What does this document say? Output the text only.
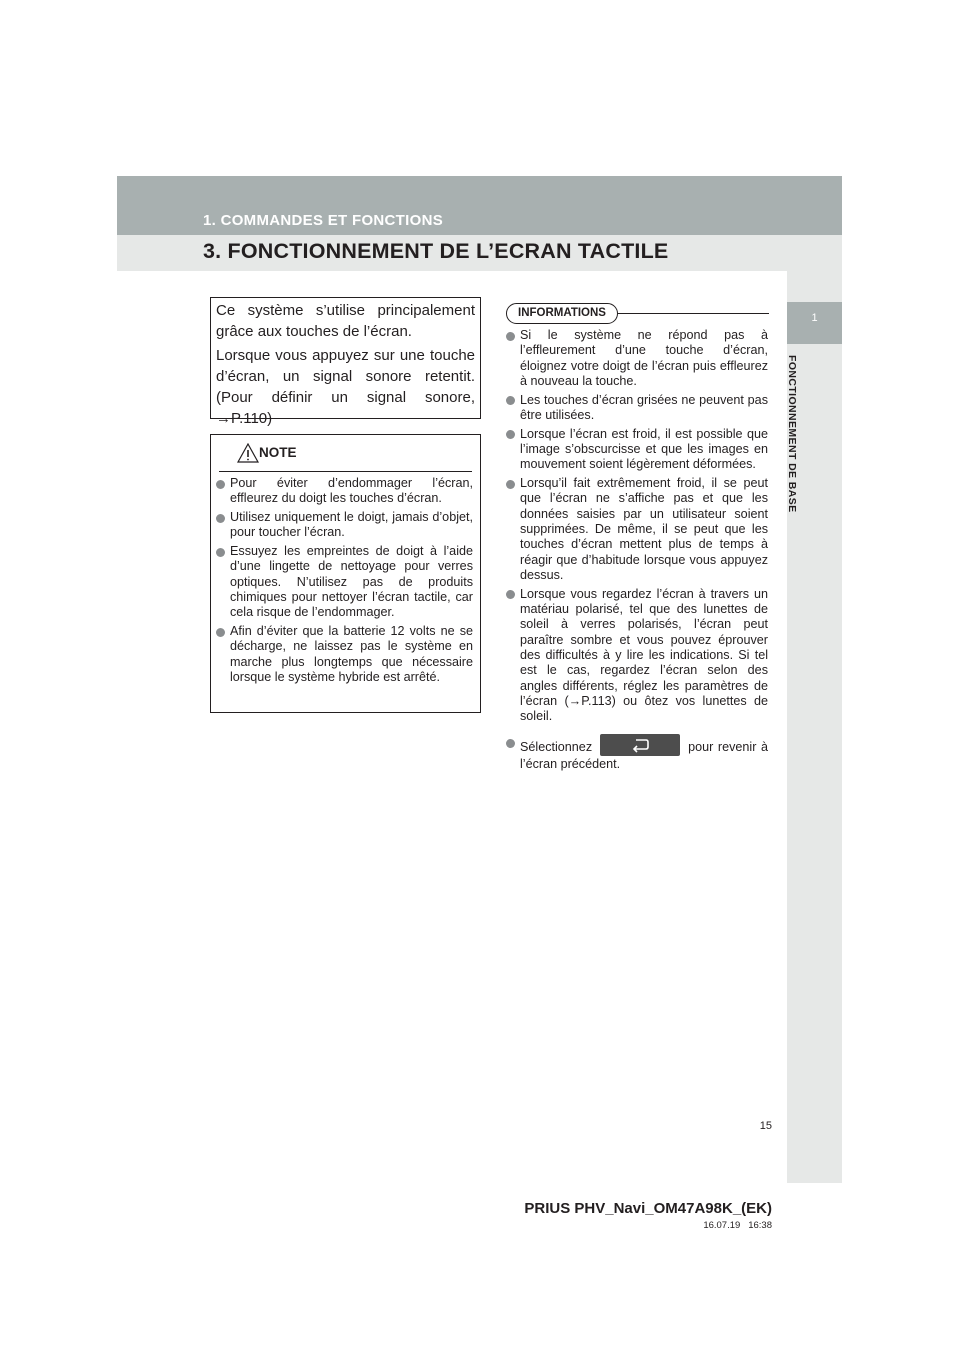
1. COMMANDES ET FONCTIONS
3. FONCTIONNEMENT DE L’ECRAN TACTILE
1
FONCTIONNEMENT DE BASE

Ce système s’utilise principalement grâce aux touches de l’écran.

Lorsque vous appuyez sur une touche d’écran, un signal sonore retentit. (Pour définir un signal sonore, →P.110)

NOTE
Pour éviter d’endommager l’écran, effleurez du doigt les touches d’écran.
Utilisez uniquement le doigt, jamais d’objet, pour toucher l’écran.
Essuyez les empreintes de doigt à l’aide d’une lingette de nettoyage pour verres optiques. N’utilisez pas de produits chimiques pour nettoyer l’écran tactile, car cela risque de l’endommager.
Afin d’éviter que la batterie 12 volts ne se décharge, ne laissez pas le système en marche plus longtemps que nécessaire lorsque le système hybride est arrêté.
INFORMATIONS
Si le système ne répond pas à l’effleurement d’une touche d’écran, éloignez votre doigt de l’écran puis effleurez à nouveau la touche.
Les touches d’écran grisées ne peuvent pas être utilisées.
Lorsque l’écran est froid, il est possible que l’image s’obscurcisse et que les images en mouvement soient légèrement déformées.
Lorsqu’il fait extrêmement froid, il se peut que l’écran ne s’affiche pas et que les données saisies par un utilisateur soient supprimées. De même, il se peut que les touches d’écran mettent plus de temps à réagir que d’habitude lorsque vous appuyez dessus.
Lorsque vous regardez l’écran à travers un matériau polarisé, tel que des lunettes de soleil à verres polarisés, l’écran peut paraître sombre et vous pouvez éprouver des difficultés à y lire les indications. Si tel est le cas, regardez l’écran selon des angles différents, réglez les paramètres de l’écran (→P.113) ou ôtez vos lunettes de soleil.
Sélectionnez	pour revenir à l’écran précédent.
15
PRIUS PHV_Navi_OM47A98K_(EK)
16.07.19 16:38
